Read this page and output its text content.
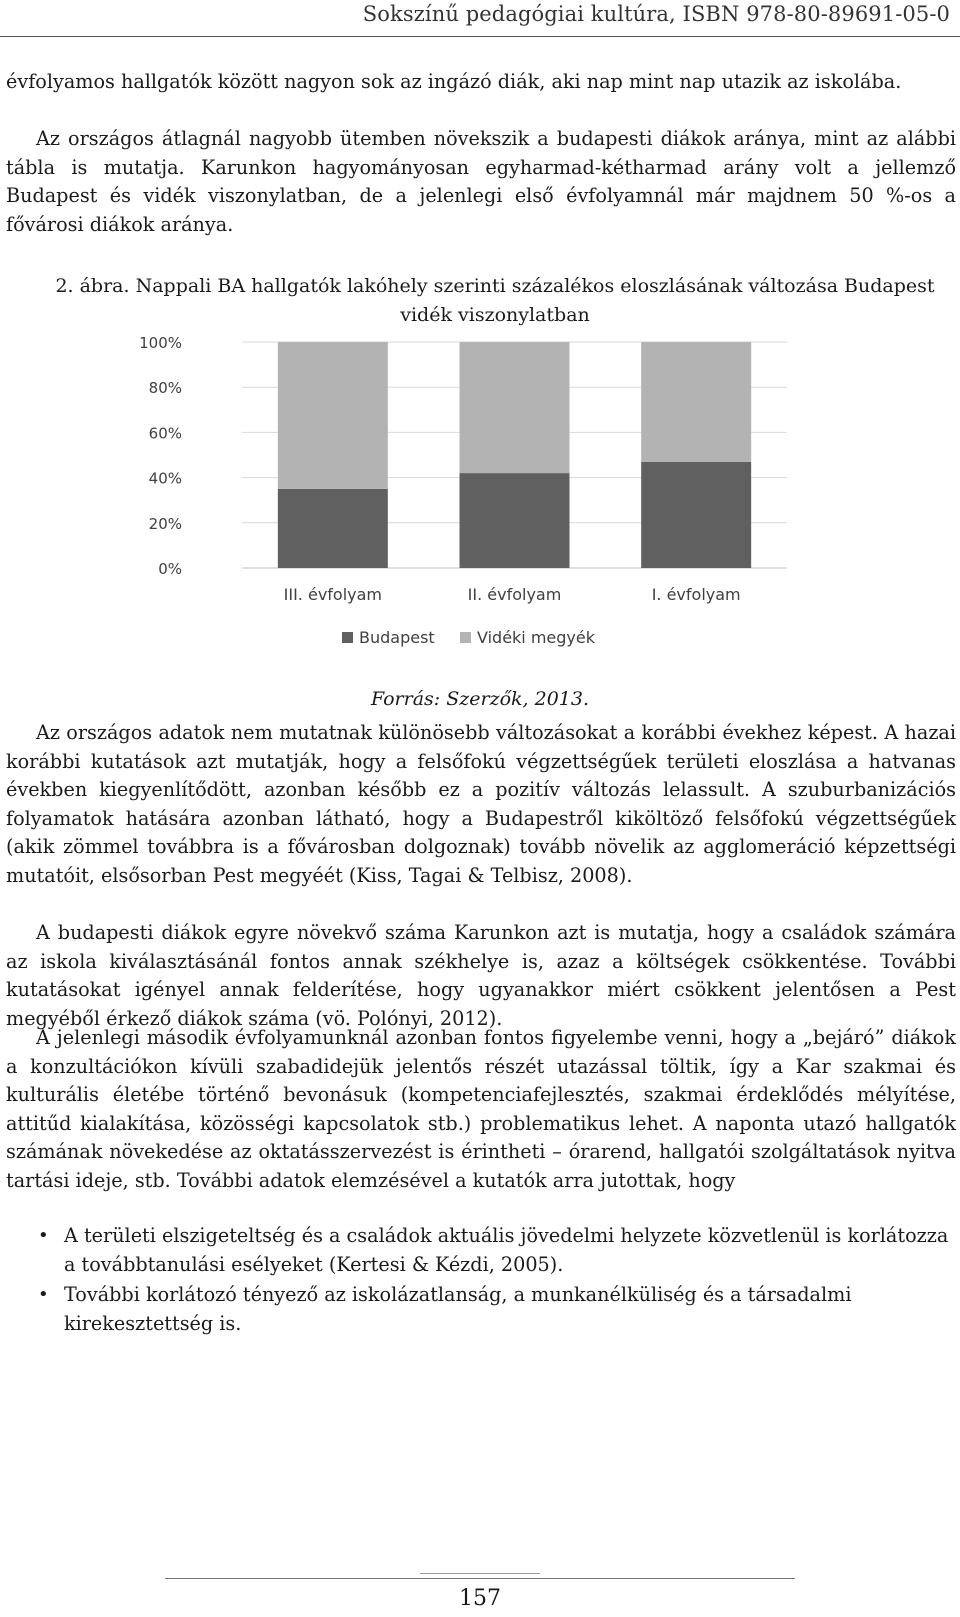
Sokszínű pedagógiai kultúra, ISBN 978-80-89691-05-0

évfolyamos hallgatók között nagyon sok az ingázó diák, aki nap mint nap utazik az iskolába.

Az országos átlagnál nagyobb ütemben növekszik a budapesti diákok aránya, mint az alábbi tábla is mutatja. Karunkon hagyományosan egyharmad-kétharmad arány volt a jellemző Budapest és vidék viszonylatban, de a jelenlegi első évfolyamnál már majdnem 50 %-os a fővárosi diákok aránya.

2. ábra. Nappali BA hallgatók lakóhely szerinti százalékos eloszlásának változása Budapest vidék viszonylatban
0%
20%
40%
60%
80%
100%
III. évfolyam	II. évfolyam	I. évfolyam
Budapest	Vidéki megyék
Forrás: Szerzők, 2013.

Az országos adatok nem mutatnak különösebb változásokat a korábbi évekhez képest. A hazai korábbi kutatások azt mutatják, hogy a felsőfokú végzettségűek területi eloszlása a hatvanas években kiegyenlítődött, azonban később ez a pozitív változás lelassult. A szuburbanizációs folyamatok hatására azonban látható, hogy a Budapestről kiköltöző felsőfokú végzettségűek (akik zömmel továbbra is a fővárosban dolgoznak) tovább növelik az agglomeráció képzettségi mutatóit, elsősorban Pest megyéét (Kiss, Tagai & Telbisz, 2008).

A budapesti diákok egyre növekvő száma Karunkon azt is mutatja, hogy a családok számára az iskola kiválasztásánál fontos annak székhelye is, azaz a költségek csökkentése. További kutatásokat igényel annak felderítése, hogy ugyanakkor miért csökkent jelentősen a Pest megyéből érkező diákok száma (vö. Polónyi, 2012).

A jelenlegi második évfolyamunknál azonban fontos figyelembe venni, hogy a „bejáró” diákok a konzultációkon kívüli szabadidejük jelentős részét utazással töltik, így a Kar szakmai és kulturális életébe történő bevonásuk (kompetenciafejlesztés, szakmai érdeklődés mélyítése, attitűd kialakítása, közösségi kapcsolatok stb.) problematikus lehet. A naponta utazó hallgatók számának növekedése az oktatásszervezést is érintheti – órarend, hallgatói szolgáltatások nyitva tartási ideje, stb. További adatok elemzésével a kutatók arra jutottak, hogy

• A területi elszigeteltség és a családok aktuális jövedelmi helyzete közvetlenül is korlátozza a továbbtanulási esélyeket (Kertesi & Kézdi, 2005).
• További korlátozó tényező az iskolázatlanság, a munkanélküliség és a társadalmi kirekesztettség is.
157
